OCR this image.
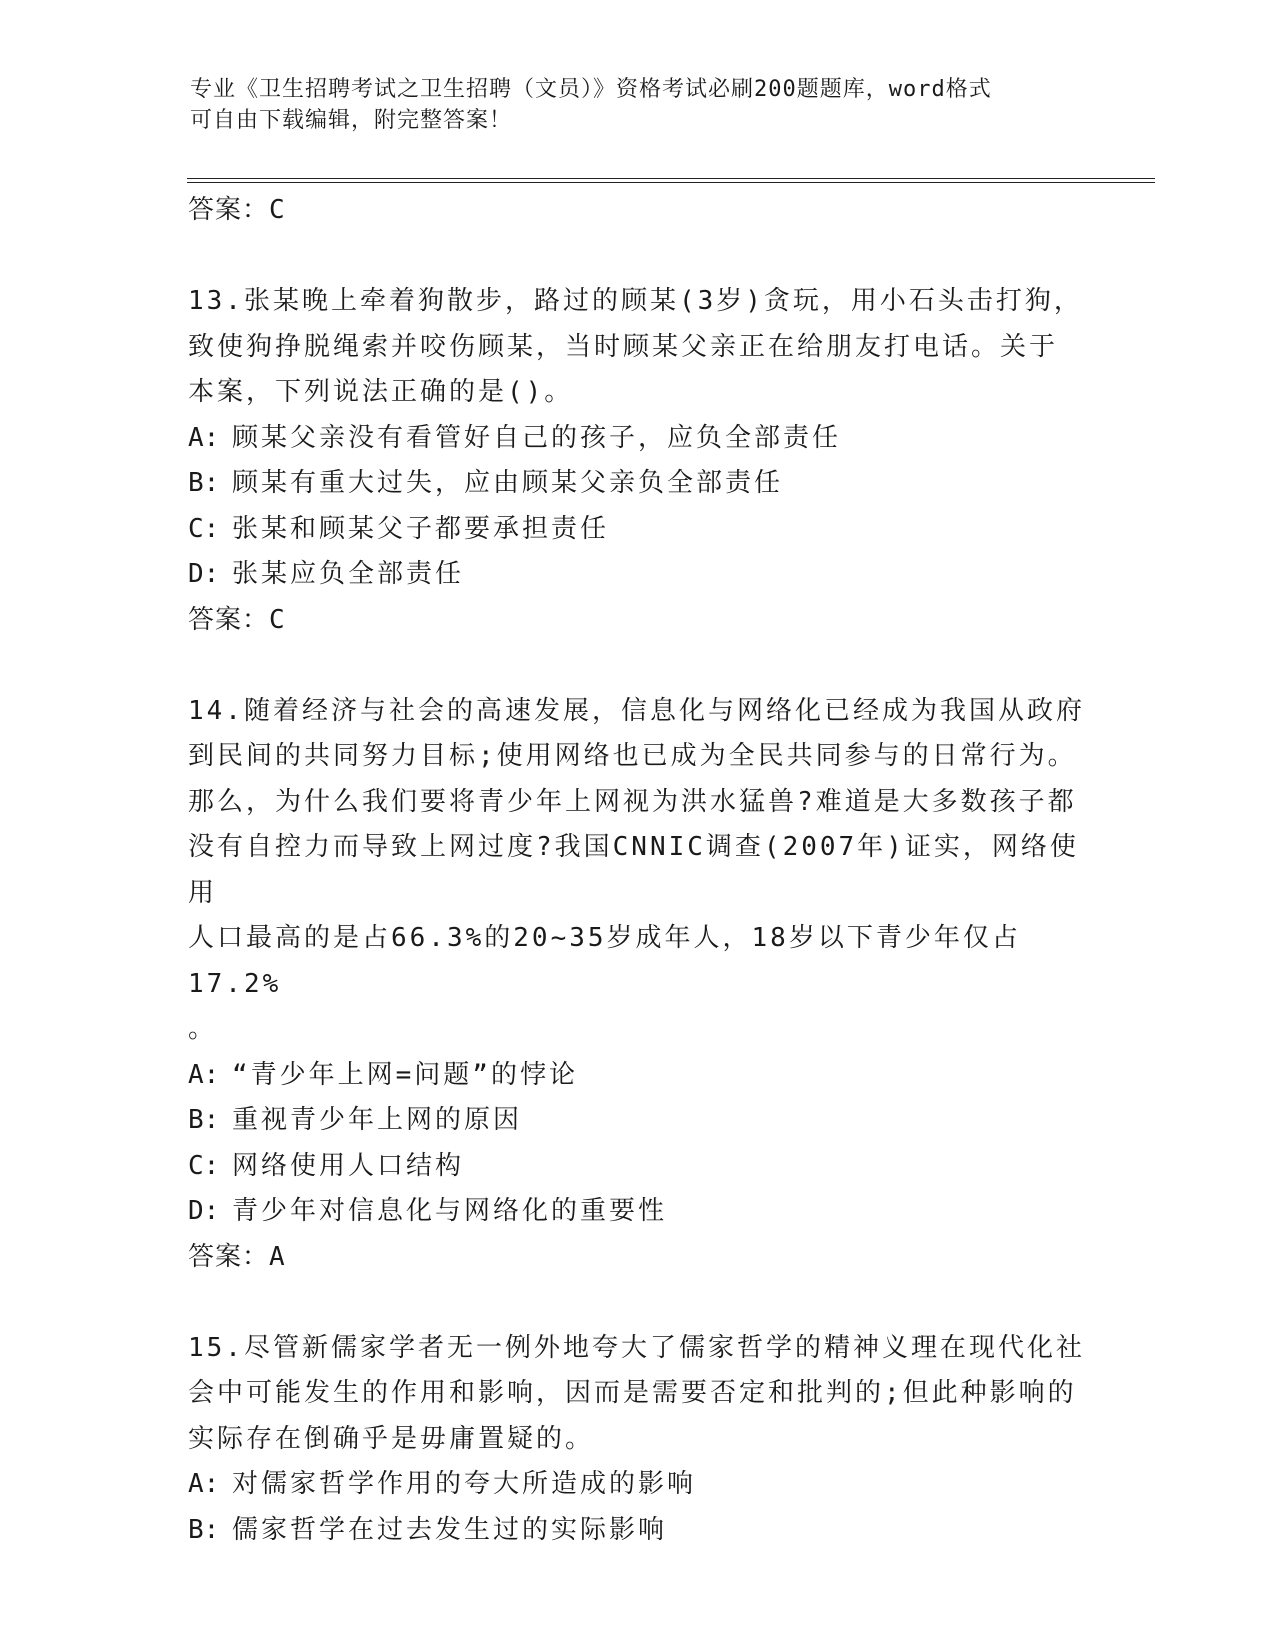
专业《卫生招聘考试之卫生招聘（文员）》资格考试必刷200题题库，word格式
可自由下载编辑，附完整答案！

答案：C

13.张某晚上牵着狗散步，路过的顾某(3岁)贪玩，用小石头击打狗，

致使狗挣脱绳索并咬伤顾某，当时顾某父亲正在给朋友打电话。关于

本案，下列说法正确的是()。

A: 顾某父亲没有看管好自己的孩子，应负全部责任

B: 顾某有重大过失，应由顾某父亲负全部责任

C: 张某和顾某父子都要承担责任

D: 张某应负全部责任

答案：C

14.随着经济与社会的高速发展，信息化与网络化已经成为我国从政府

到民间的共同努力目标;使用网络也已成为全民共同参与的日常行为。

那么，为什么我们要将青少年上网视为洪水猛兽?难道是大多数孩子都

没有自控力而导致上网过度?我国CNNIC调查(2007年)证实，网络使用

人口最高的是占66.3%的20~35岁成年人，18岁以下青少年仅占17.2%

。

A: “青少年上网=问题”的悖论

B: 重视青少年上网的原因

C: 网络使用人口结构

D: 青少年对信息化与网络化的重要性

答案：A

15.尽管新儒家学者无一例外地夸大了儒家哲学的精神义理在现代化社

会中可能发生的作用和影响，因而是需要否定和批判的;但此种影响的

实际存在倒确乎是毋庸置疑的。

A: 对儒家哲学作用的夸大所造成的影响

B: 儒家哲学在过去发生过的实际影响
